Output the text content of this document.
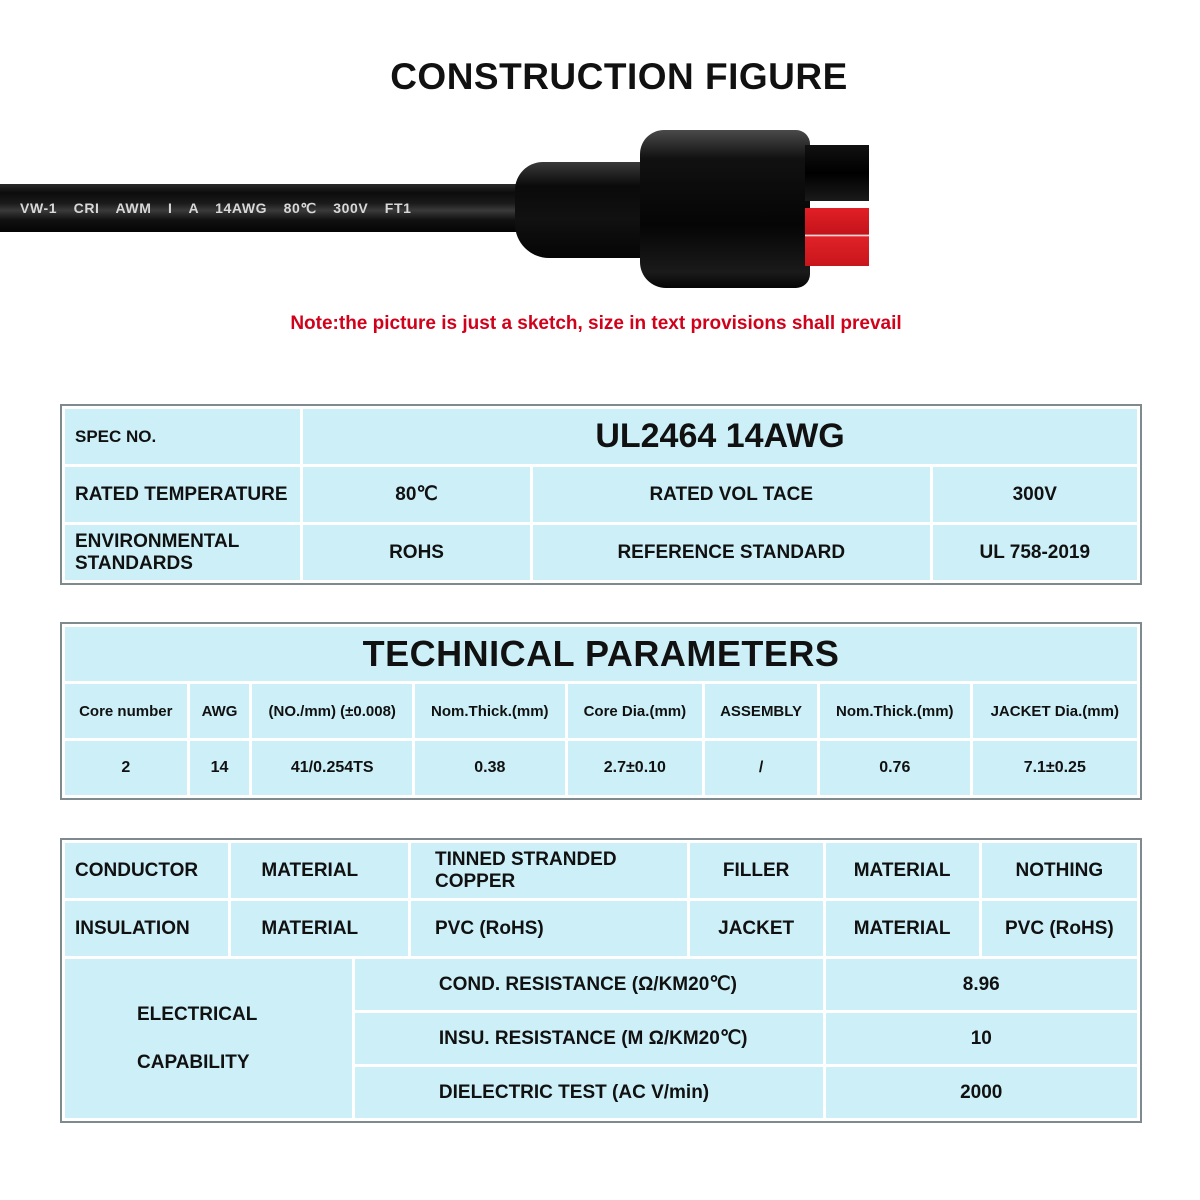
CONSTRUCTION FIGURE
VW-1 CRI AWM I A 14AWG 80℃ 300V FT1
Note:the picture is just a sketch, size in text provisions shall prevail
SPEC NO.	UL2464 14AWG		
RATED TEMPERATURE	80℃	RATED VOL TACE	300V
ENVIRONMENTAL STANDARDS	ROHS	REFERENCE STANDARD	UL 758-2019
TECHNICAL PARAMETERS							
Core number	AWG	(NO./mm) (±0.008)	Nom.Thick.(mm)	Core Dia.(mm)	ASSEMBLY	Nom.Thick.(mm)	JACKET Dia.(mm)
2	14	41/0.254TS	0.38	2.7±0.10	/	0.76	7.1±0.25
CONDUCTOR	MATERIAL		TINNED STRANDED COPPER	FILLER	MATERIAL	NOTHING
INSULATION	MATERIAL		PVC (RoHS)	JACKET	MATERIAL	PVC (RoHS)
ELECTRICAL
CAPABILITY		COND. RESISTANCE (Ω/KM20℃)			8.96	
		INSU. RESISTANCE (M Ω/KM20℃)			10	
		DIELECTRIC TEST (AC V/min)			2000	
